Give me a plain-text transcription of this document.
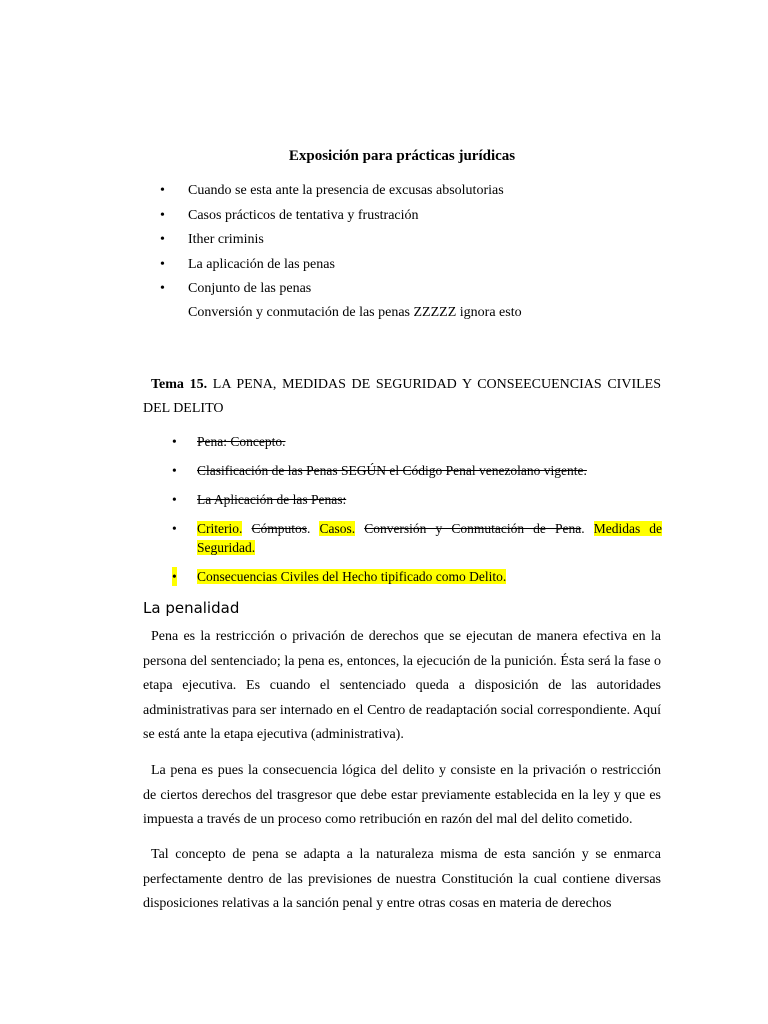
Exposición para prácticas jurídicas
• Cuando se esta ante la presencia de excusas absolutorias
• Casos prácticos de tentativa y frustración
• Ither criminis
• La aplicación de las penas
• Conjunto de las penas
Conversión y conmutación de las penas ZZZZZ ignora esto
Tema 15. LA PENA, MEDIDAS DE SEGURIDAD Y CONSEECUENCIAS CIVILES DEL DELITO
• Pena: Concepto.
• Clasificación de las Penas SEGÚN el Código Penal venezolano vigente.
• La Aplicación de las Penas:
• Criterio. Cómputos. Casos. Conversión y Conmutación de Pena. Medidas de Seguridad.
• Consecuencias Civiles del Hecho tipificado como Delito.
La penalidad

Pena es la restricción o privación de derechos que se ejecutan de manera efectiva en la persona del sentenciado; la pena es, entonces, la ejecución de la punición. Ésta será la fase o etapa ejecutiva. Es cuando el sentenciado queda a disposición de las autoridades administrativas para ser internado en el Centro de readaptación social correspondiente. Aquí se está ante la etapa ejecutiva (administrativa).

La pena es pues la consecuencia lógica del delito y consiste en la privación o restricción de ciertos derechos del trasgresor que debe estar previamente establecida en la ley y que es impuesta a través de un proceso como retribución en razón del mal del delito cometido.

Tal concepto de pena se adapta a la naturaleza misma de esta sanción y se enmarca perfectamente dentro de las previsiones de nuestra Constitución la cual contiene diversas disposiciones relativas a la sanción penal y entre otras cosas en materia de derechos
